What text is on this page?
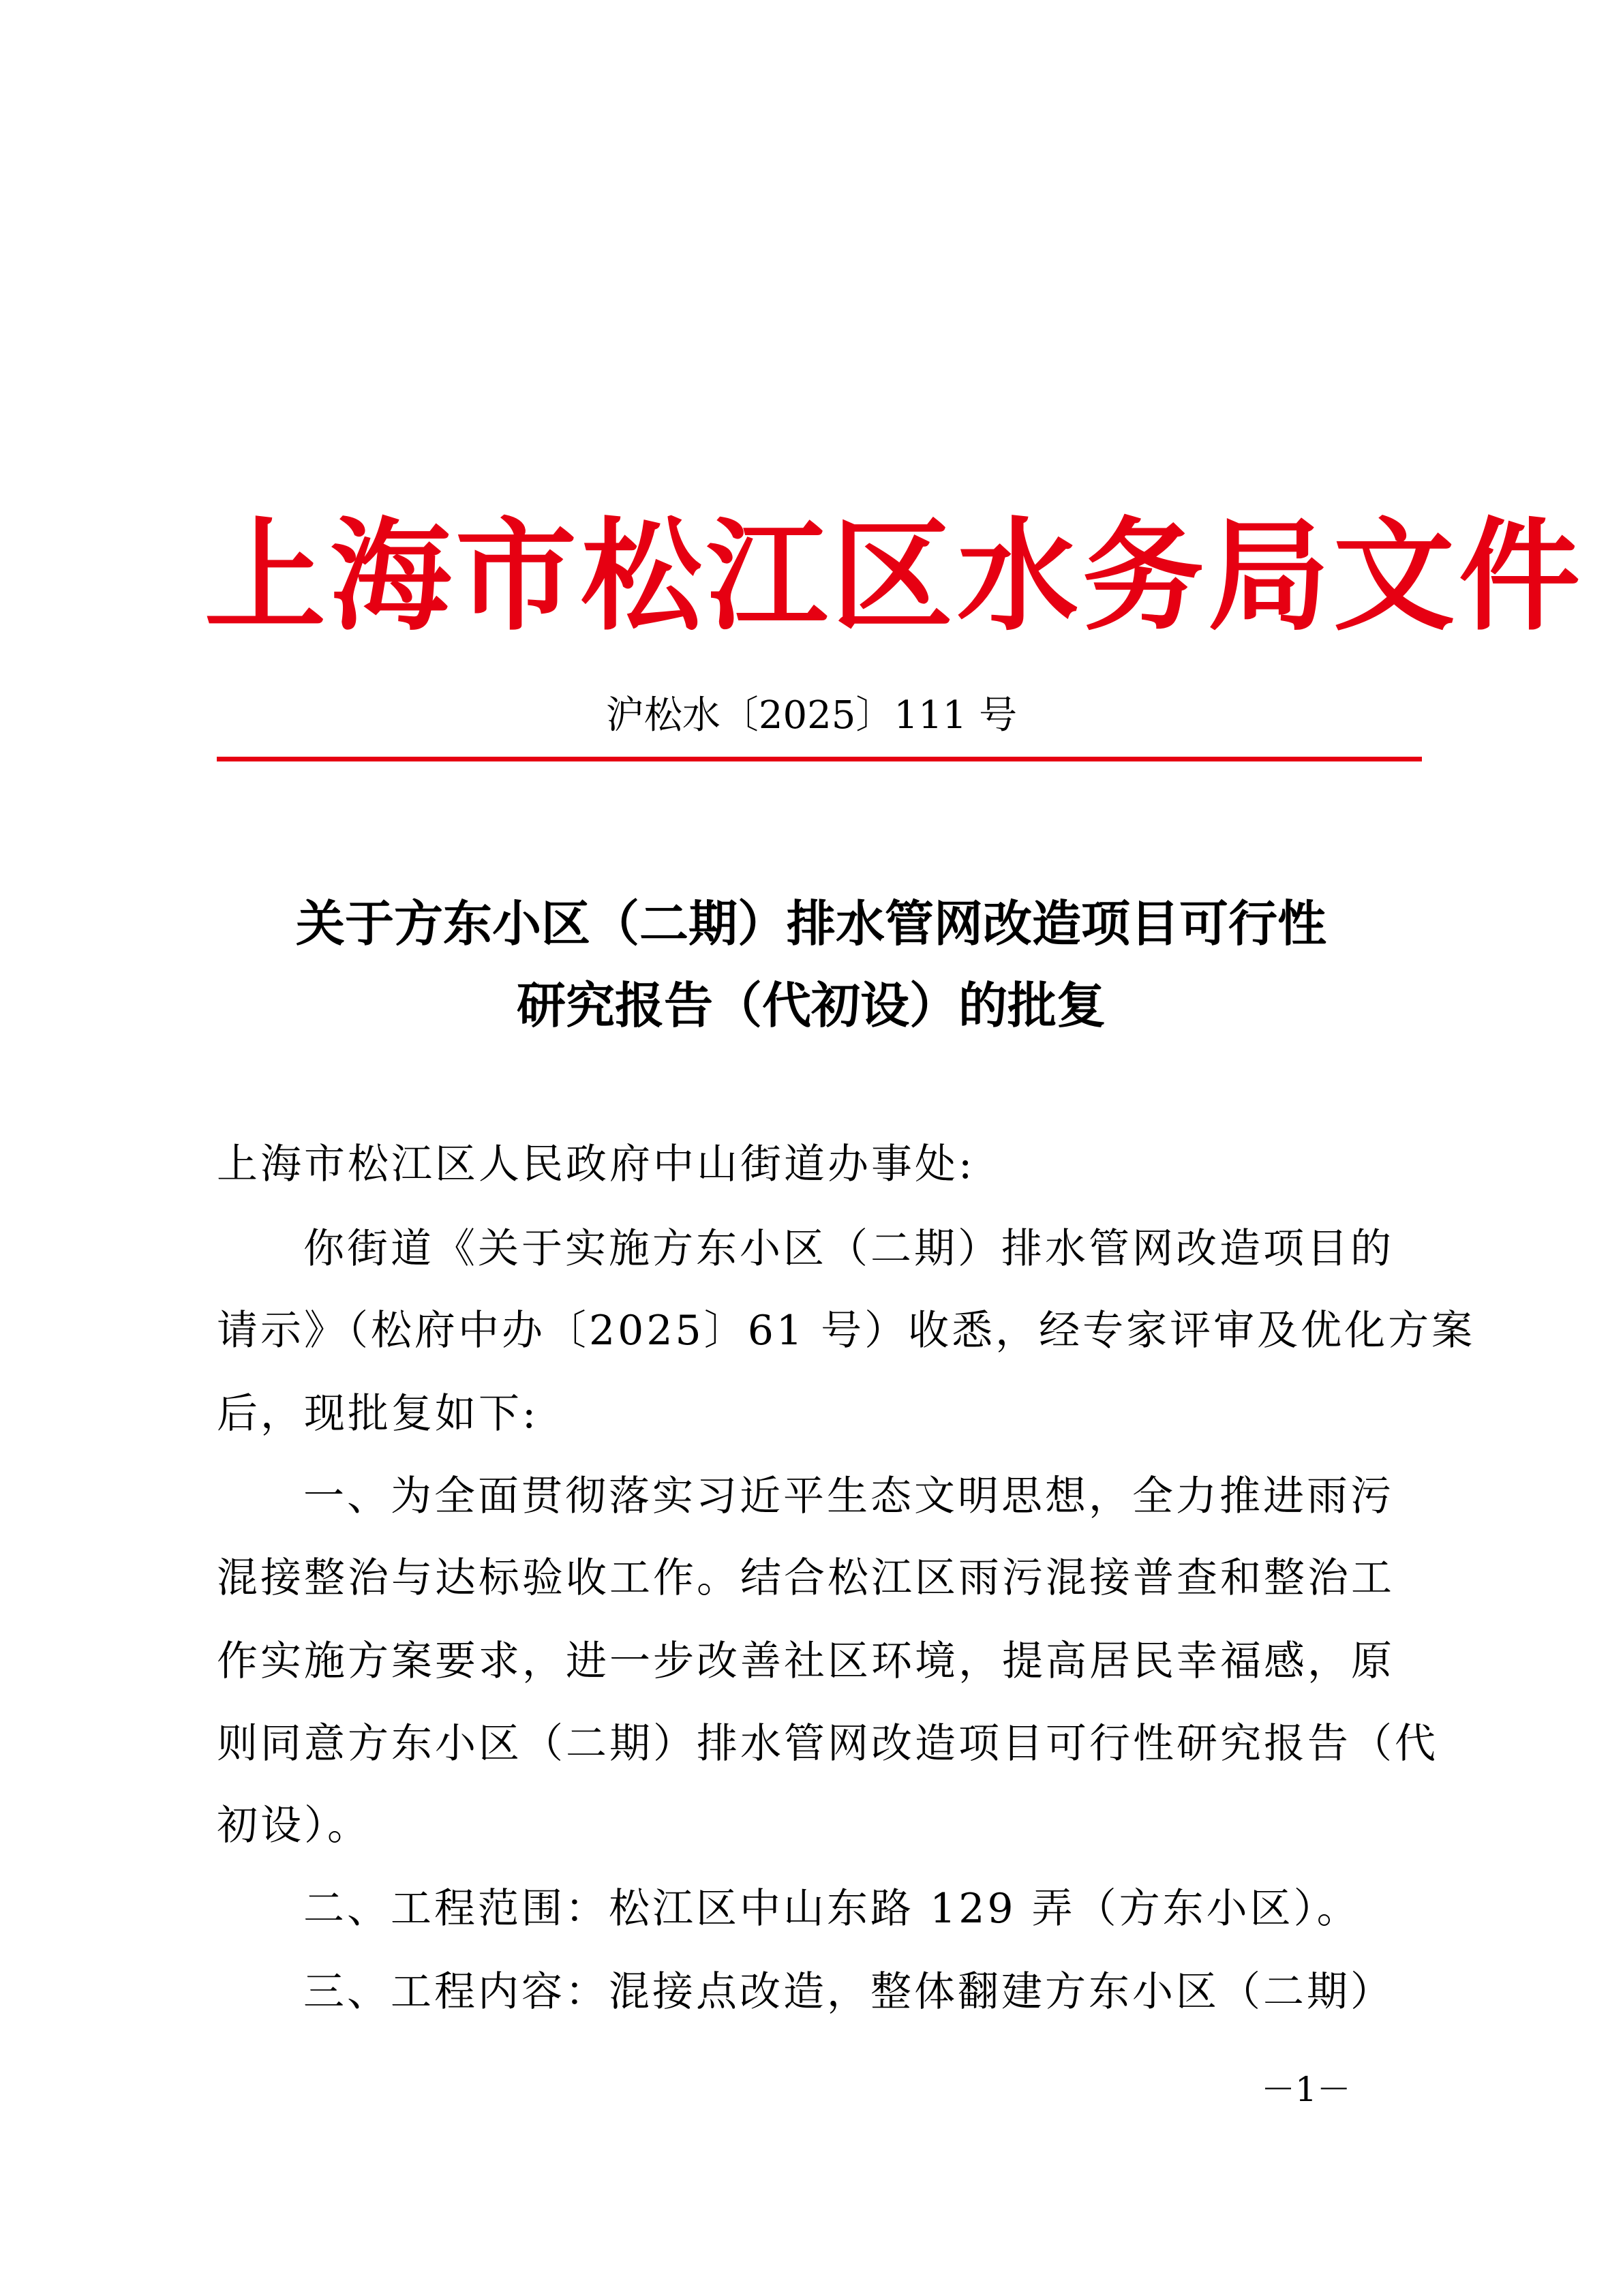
上海市松江区水务局文件
沪松水〔2025〕111 号
关于方东小区（二期）排水管网改造项目可行性
研究报告（代初设）的批复
上海市松江区人民政府中山街道办事处:
你街道《关于实施方东小区（二期）排水管网改造项目的
请示》（松府中办〔2025〕61 号）收悉，经专家评审及优化方案
后，现批复如下:
一、为全面贯彻落实习近平生态文明思想，全力推进雨污
混接整治与达标验收工作。结合松江区雨污混接普查和整治工
作实施方案要求，进一步改善社区环境，提高居民幸福感，原
则同意方东小区（二期）排水管网改造项目可行性研究报告（代
初设）。
二、工程范围：松江区中山东路 129 弄（方东小区）。
三、工程内容：混接点改造，整体翻建方东小区（二期）
－1－
